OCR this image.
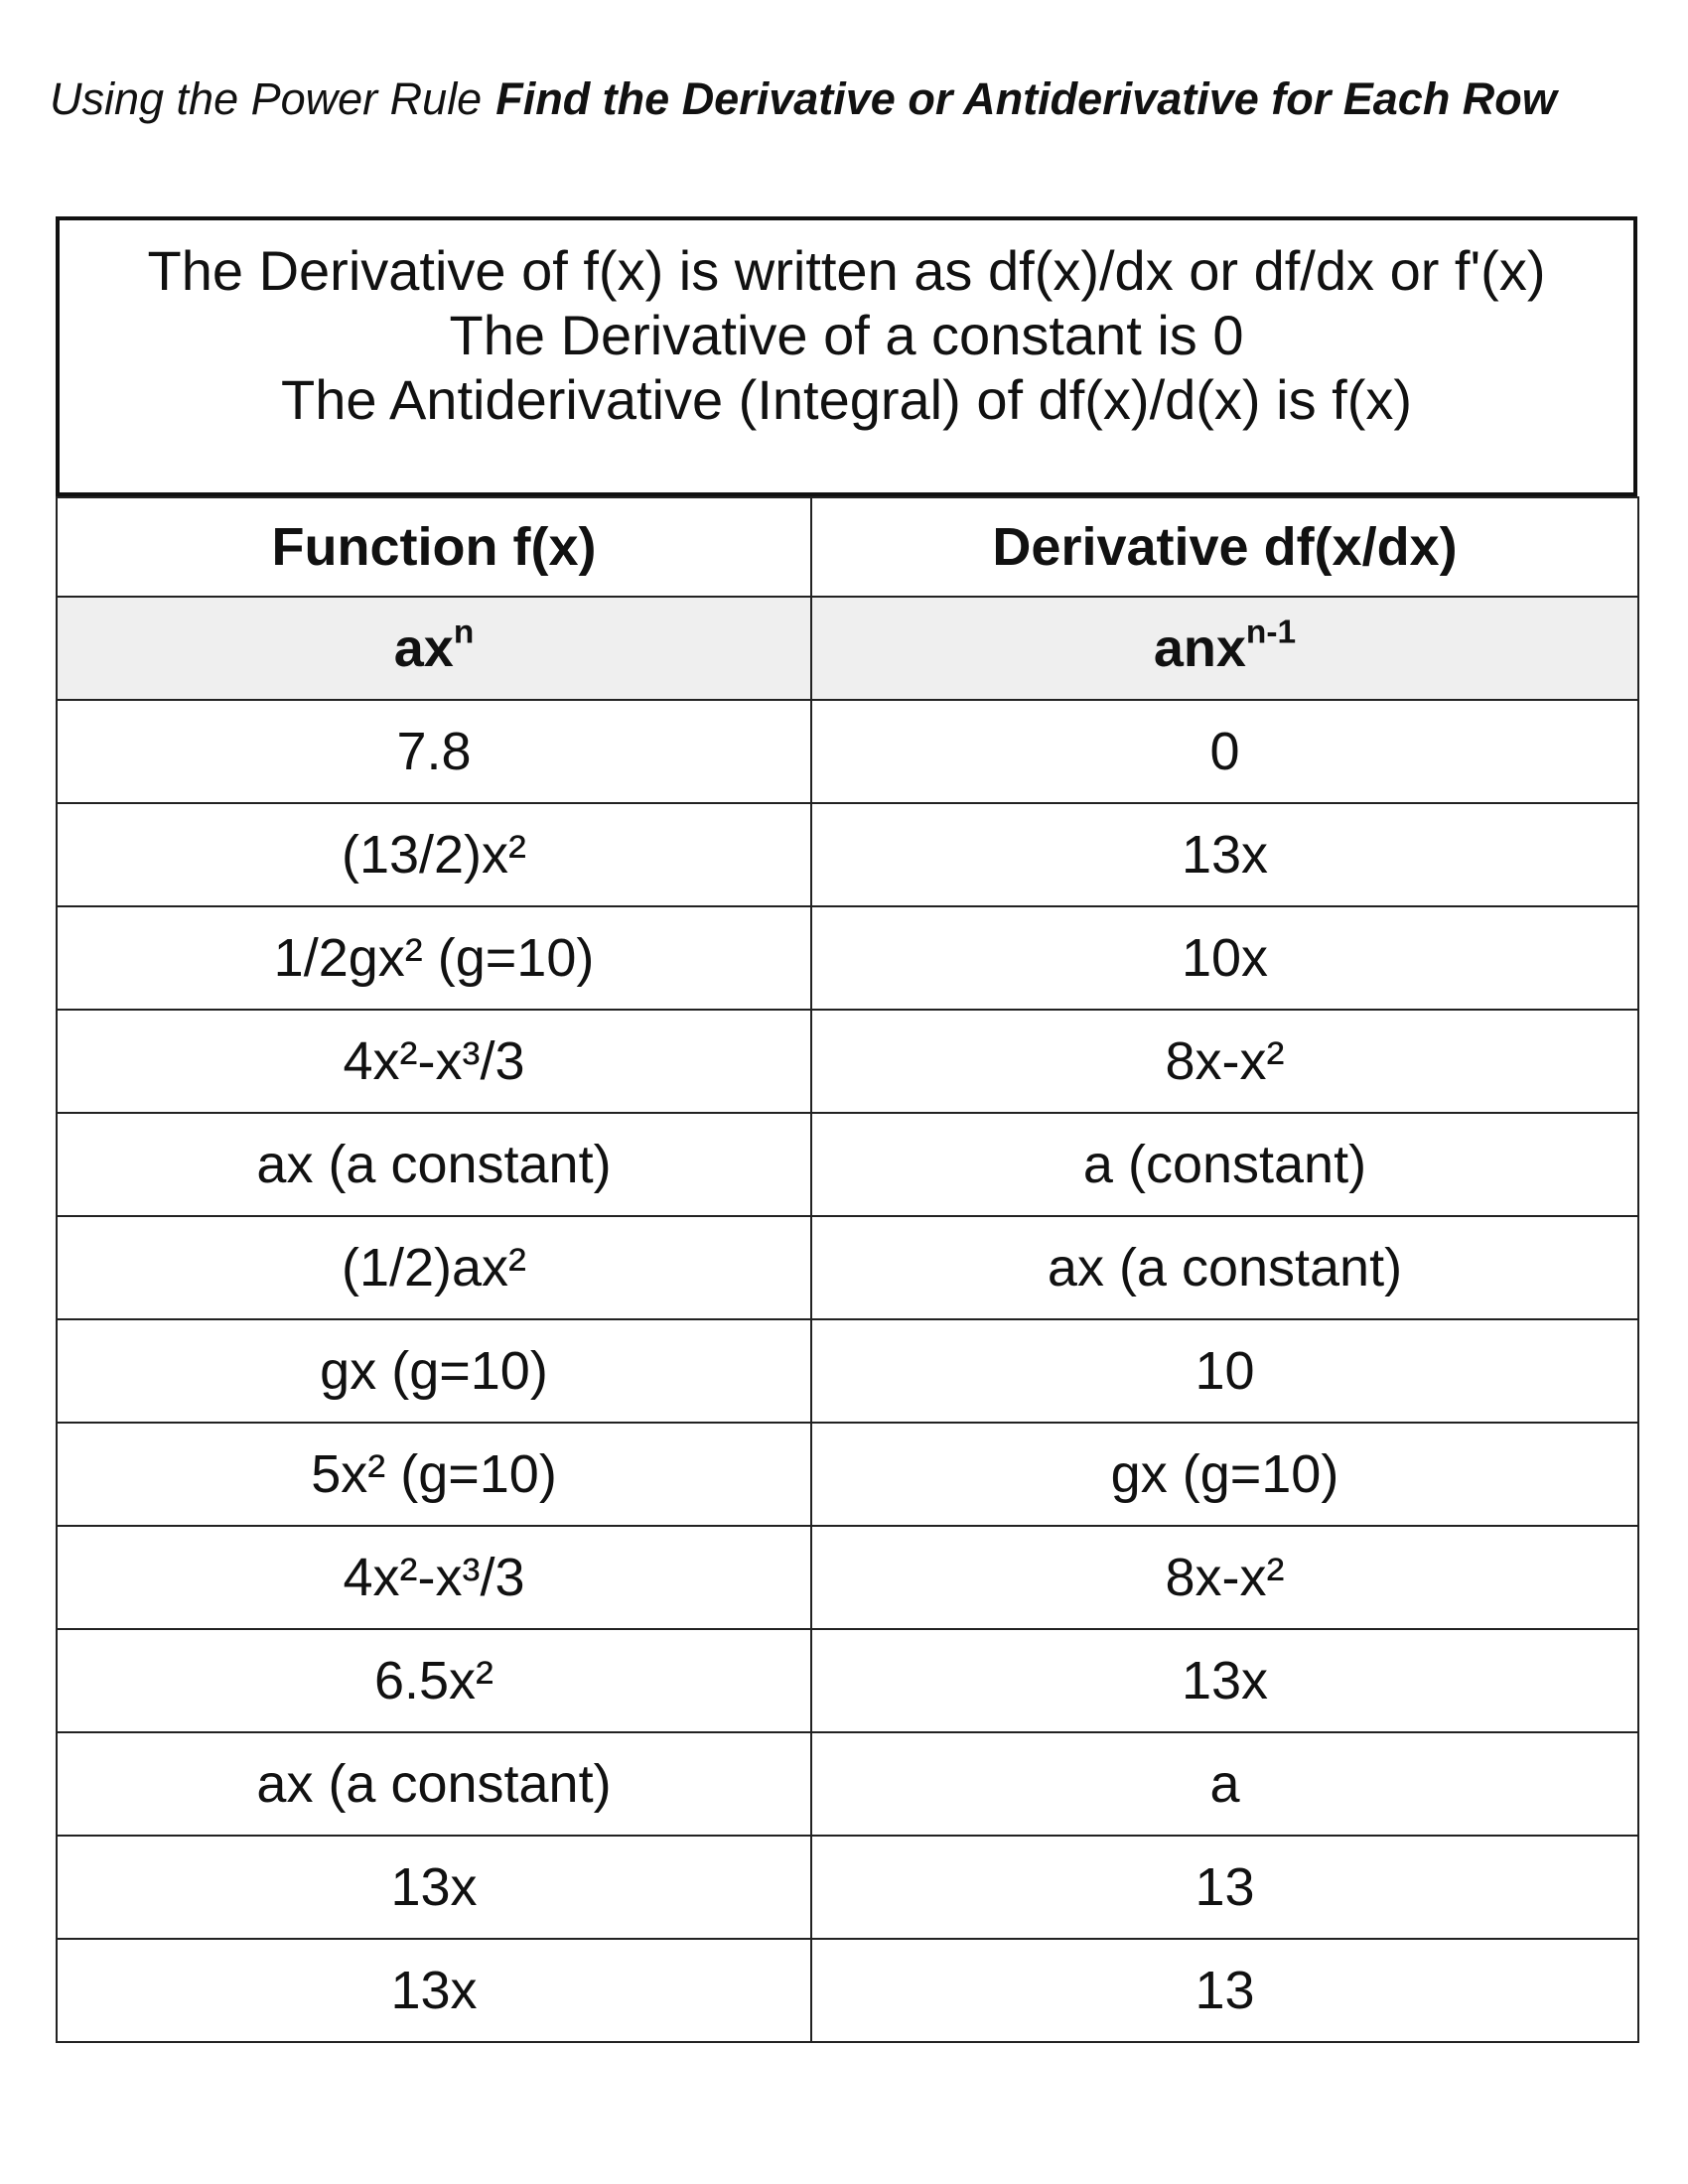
Using the Power Rule Find the Derivative or Antiderivative for Each Row
The Derivative of f(x) is written as df(x)/dx or df/dx or f'(x)
The Derivative of a constant is 0
The Antiderivative (Integral) of df(x)/d(x) is f(x)
Function f(x)	Derivative df(x/dx)
$ax^n$	anx$^{n-1}$
7.8	0
(13/2)x²	13x
1/2gx² (g=10)	10x
4x²-x³/3	8x-x²
ax (a constant)	a (constant)
(1/2)ax²	ax (a constant)
gx (g=10)	10
5x² (g=10)	gx (g=10)
4x²-x³/3	8x-x²
6.5x²	13x
ax (a constant)	a
13x	13
13x	13
